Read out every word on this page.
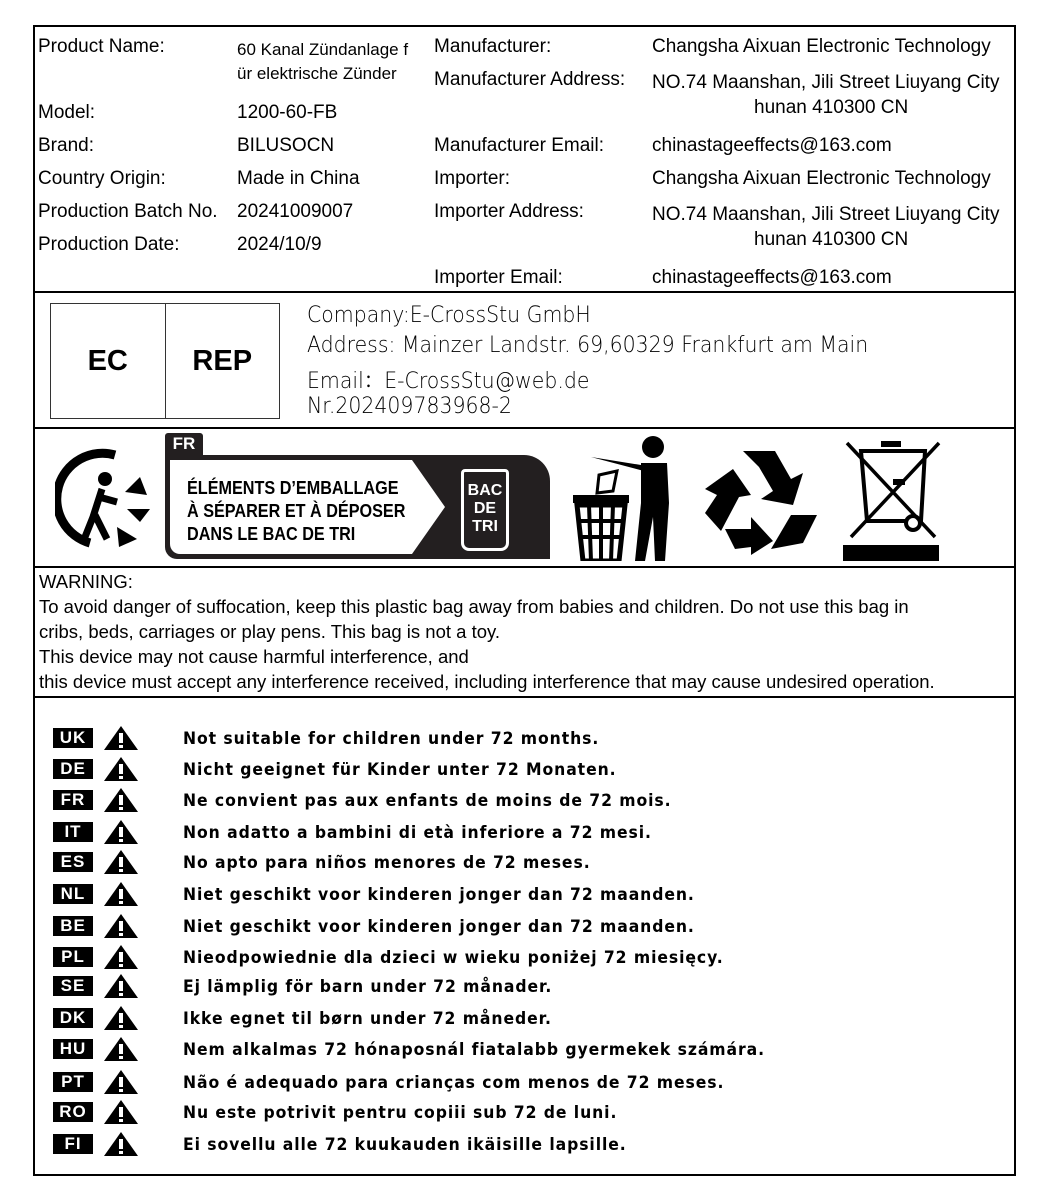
Product Name:	60 Kanal Zündanlage f
ür elektrische Zünder
Model:	1200-60-FB
Brand:	BILUSOCN
Country Origin:	Made in China
Production Batch No. 20241009007
Production Date:	2024/10/9
Manufacturer:	Changsha Aixuan Electronic Technology
Manufacturer Address: NO.74 Maanshan, Jili Street Liuyang City
hunan 410300 CN
Manufacturer Email:	chinastageeffects@163.com
Importer:	Changsha Aixuan Electronic Technology
Importer Address:	NO.74 Maanshan, Jili Street Liuyang City
hunan 410300 CN
Importer Email:	chinastageeffects@163.com
EC	REP
Company:E-CrossStu GmbH
Address: Mainzer Landstr. 69,60329 Frankfurt am Main
Email：E-CrossStu@web.de
Nr.202409783968-2
FR
ÉLÉMENTS D’EMBALLAGE
À SÉPARER ET À DÉPOSER
DANS LE BAC DE TRI
BAC
DE
TRI
WARNING:
To avoid danger of suffocation, keep this plastic bag away from babies and children. Do not use this bag in
cribs, beds, carriages or play pens. This bag is not a toy.
This device may not cause harmful interference, and
this device must accept any interference received, including interference that may cause undesired operation.
UK	Not suitable for children under 72 months.
DE	Nicht geeignet für Kinder unter 72 Monaten.
FR	Ne convient pas aux enfants de moins de 72 mois.
IT	Non adatto a bambini di età inferiore a 72 mesi.
ES	No apto para niños menores de 72 meses.
NL	Niet geschikt voor kinderen jonger dan 72 maanden.
BE	Niet geschikt voor kinderen jonger dan 72 maanden.
PL	Nieodpowiednie dla dzieci w wieku poniżej 72 miesięcy.
SE	Ej lämplig för barn under 72 månader.
DK	Ikke egnet til børn under 72 måneder.
HU	Nem alkalmas 72 hónaposnál fiatalabb gyermekek számára.
PT	Não é adequado para crianças com menos de 72 meses.
RO	Nu este potrivit pentru copiii sub 72 de luni.
FI	Ei sovellu alle 72 kuukauden ikäisille lapsille.
